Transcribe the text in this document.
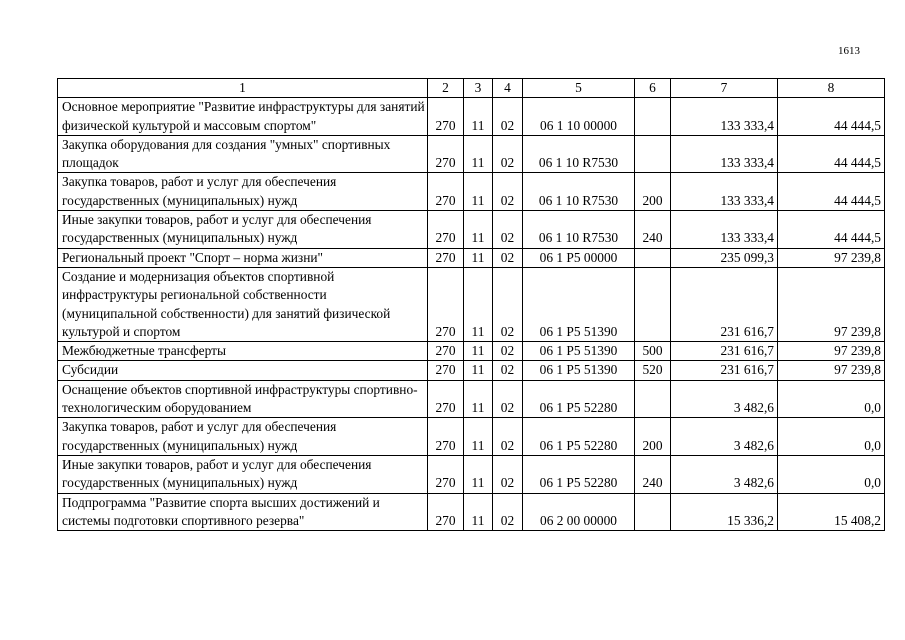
1613
1	2	3	4	5	6	7	8
Основное мероприятие "Развитие инфраструктуры для занятий физической культурой и массовым спортом"	270	11	02	06 1 10 00000		133 333,4	44 444,5
Закупка оборудования для создания "умных" спортивных площадок	270	11	02	06 1 10 R7530		133 333,4	44 444,5
Закупка товаров, работ и услуг для обеспечения государственных (муниципальных) нужд	270	11	02	06 1 10 R7530	200	133 333,4	44 444,5
Иные закупки товаров, работ и услуг для обеспечения государственных (муниципальных) нужд	270	11	02	06 1 10 R7530	240	133 333,4	44 444,5
Региональный проект "Спорт – норма жизни"	270	11	02	06 1 P5 00000		235 099,3	97 239,8
Создание и модернизация объектов спортивной инфраструктуры региональной собственности (муниципальной собственности) для занятий физической культурой и спортом	270	11	02	06 1 P5 51390		231 616,7	97 239,8
Межбюджетные трансферты	270	11	02	06 1 P5 51390	500	231 616,7	97 239,8
Субсидии	270	11	02	06 1 P5 51390	520	231 616,7	97 239,8
Оснащение объектов спортивной инфраструктуры спортивно-технологическим оборудованием	270	11	02	06 1 P5 52280		3 482,6	0,0
Закупка товаров, работ и услуг для обеспечения государственных (муниципальных) нужд	270	11	02	06 1 P5 52280	200	3 482,6	0,0
Иные закупки товаров, работ и услуг для обеспечения государственных (муниципальных) нужд	270	11	02	06 1 P5 52280	240	3 482,6	0,0
Подпрограмма "Развитие спорта высших достижений и системы подготовки спортивного резерва"	270	11	02	06 2 00 00000		15 336,2	15 408,2
